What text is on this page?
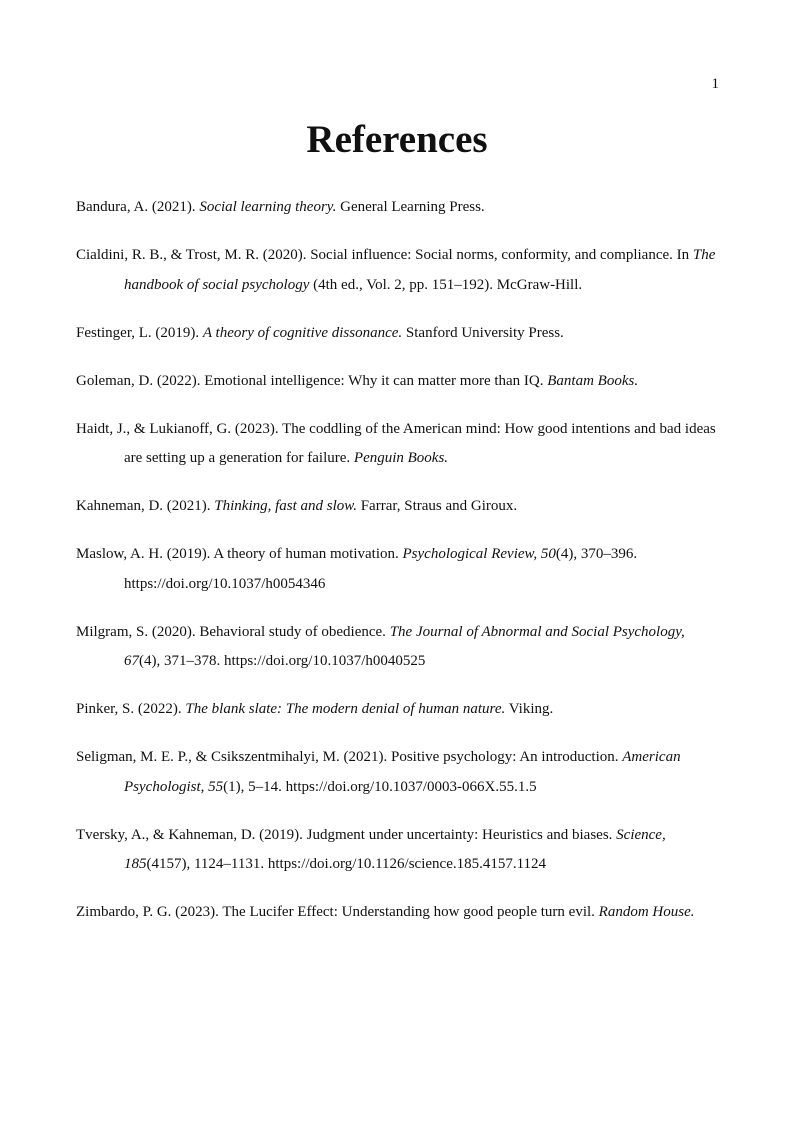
1
References

Bandura, A. (2021). Social learning theory. General Learning Press.

Cialdini, R. B., & Trost, M. R. (2020). Social influence: Social norms, conformity, and compliance. In The handbook of social psychology (4th ed., Vol. 2, pp. 151–192). McGraw-Hill.

Festinger, L. (2019). A theory of cognitive dissonance. Stanford University Press.

Goleman, D. (2022). Emotional intelligence: Why it can matter more than IQ. Bantam Books.

Haidt, J., & Lukianoff, G. (2023). The coddling of the American mind: How good intentions and bad ideas are setting up a generation for failure. Penguin Books.

Kahneman, D. (2021). Thinking, fast and slow. Farrar, Straus and Giroux.

Maslow, A. H. (2019). A theory of human motivation. Psychological Review, 50(4), 370–396. https://doi.org/10.1037/h0054346

Milgram, S. (2020). Behavioral study of obedience. The Journal of Abnormal and Social Psychology, 67(4), 371–378. https://doi.org/10.1037/h0040525

Pinker, S. (2022). The blank slate: The modern denial of human nature. Viking.

Seligman, M. E. P., & Csikszentmihalyi, M. (2021). Positive psychology: An introduction. American Psychologist, 55(1), 5–14. https://doi.org/10.1037/0003-066X.55.1.5

Tversky, A., & Kahneman, D. (2019). Judgment under uncertainty: Heuristics and biases. Science, 185(4157), 1124–1131. https://doi.org/10.1126/science.185.4157.1124

Zimbardo, P. G. (2023). The Lucifer Effect: Understanding how good people turn evil. Random House.
